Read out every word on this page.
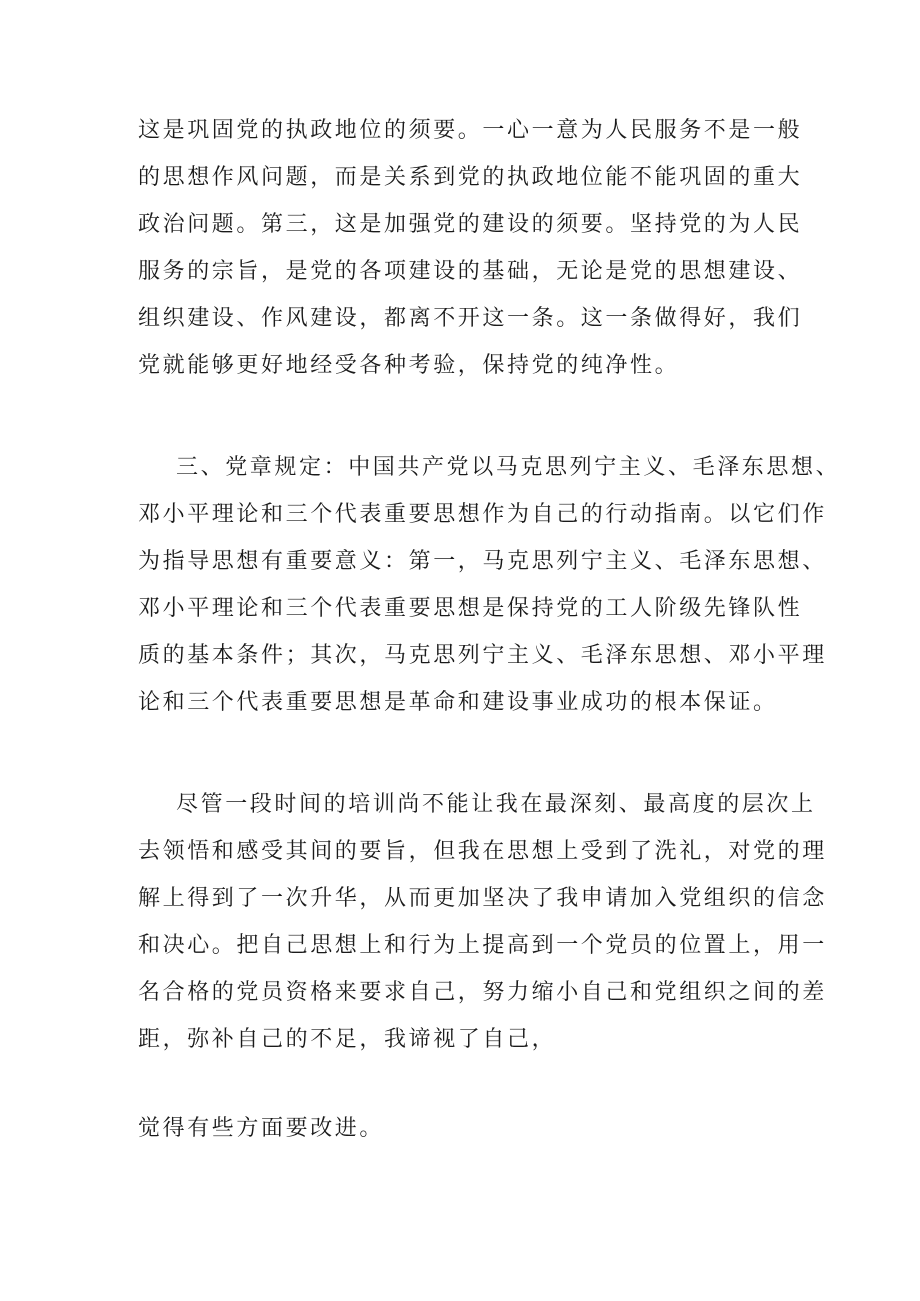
这是巩固党的执政地位的须要。一心一意为人民服务不是一般
的思想作风问题，而是关系到党的执政地位能不能巩固的重大
政治问题。第三，这是加强党的建设的须要。坚持党的为人民
服务的宗旨，是党的各项建设的基础，无论是党的思想建设、
组织建设、作风建设，都离不开这一条。这一条做得好，我们
党就能够更好地经受各种考验，保持党的纯净性。
三、党章规定：中国共产党以马克思列宁主义、毛泽东思想、
邓小平理论和三个代表重要思想作为自己的行动指南。以它们作
为指导思想有重要意义：第一，马克思列宁主义、毛泽东思想、
邓小平理论和三个代表重要思想是保持党的工人阶级先锋队性
质的基本条件；其次，马克思列宁主义、毛泽东思想、邓小平理
论和三个代表重要思想是革命和建设事业成功的根本保证。
尽管一段时间的培训尚不能让我在最深刻、最高度的层次上
去领悟和感受其间的要旨，但我在思想上受到了洗礼，对党的理
解上得到了一次升华，从而更加坚决了我申请加入党组织的信念
和决心。把自己思想上和行为上提高到一个党员的位置上，用一
名合格的党员资格来要求自己，努力缩小自己和党组织之间的差
距，弥补自己的不足，我谛视了自己，
觉得有些方面要改进。
